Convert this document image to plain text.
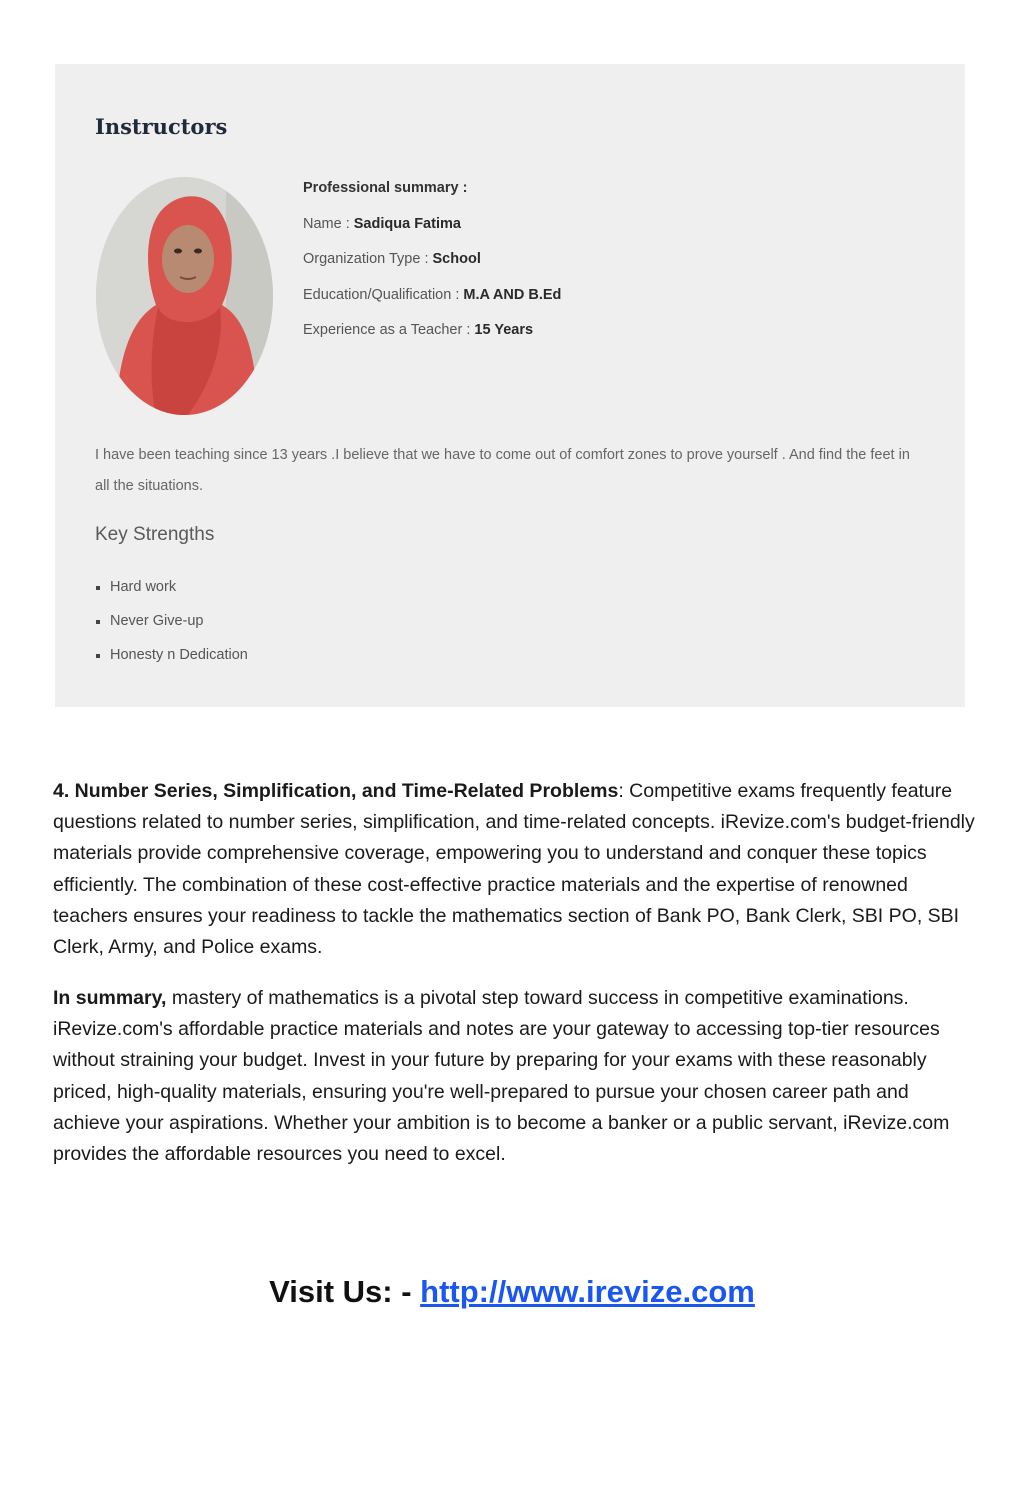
Instructors
Professional summary :
Name : Sadiqua Fatima
Organization Type : School
Education/Qualification : M.A AND B.Ed
Experience as a Teacher : 15 Years
I have been teaching since 13 years .I believe that we have to come out of comfort zones to prove yourself . And find the feet in all the situations.
Key Strengths
Hard work
Never Give-up
Honesty n Dedication
4. Number Series, Simplification, and Time-Related Problems: Competitive exams frequently feature questions related to number series, simplification, and time-related concepts. iRevize.com's budget-friendly materials provide comprehensive coverage, empowering you to understand and conquer these topics efficiently. The combination of these cost-effective practice materials and the expertise of renowned teachers ensures your readiness to tackle the mathematics section of Bank PO, Bank Clerk, SBI PO, SBI Clerk, Army, and Police exams.
In summary, mastery of mathematics is a pivotal step toward success in competitive examinations. iRevize.com's affordable practice materials and notes are your gateway to accessing top-tier resources without straining your budget. Invest in your future by preparing for your exams with these reasonably priced, high-quality materials, ensuring you're well-prepared to pursue your chosen career path and achieve your aspirations. Whether your ambition is to become a banker or a public servant, iRevize.com provides the affordable resources you need to excel.
Visit Us: - http://www.irevize.com
